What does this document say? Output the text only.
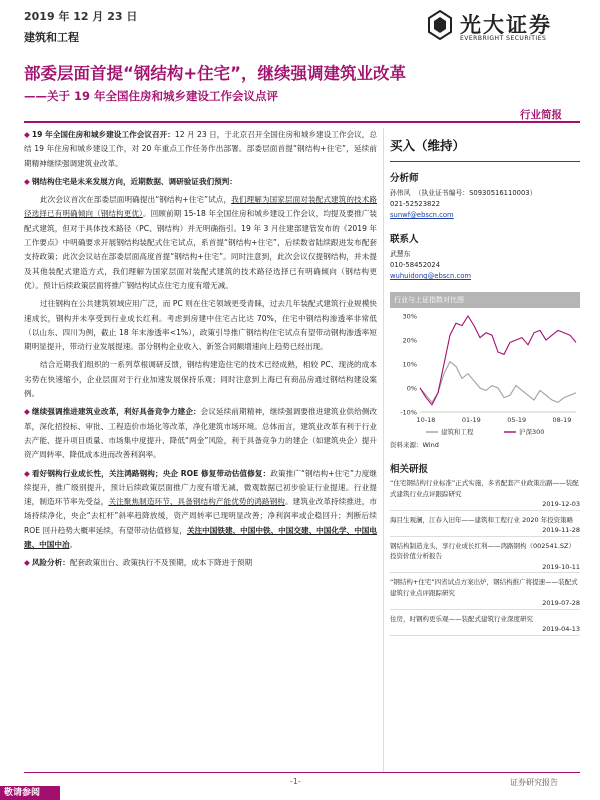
2019 年 12 月 23 日
建筑和工程
光大证券
EVERBRIGHT SECURITIES
部委层面首提“钢结构+住宅”，继续强调建筑业改革
——关于 19 年全国住房和城乡建设工作会议点评
行业简报

◆ 19 年全国住房和城乡建设工作会议召开：12 月 23 日，于北京召开全国住房和城乡建设工作会议，总结 19 年住房和城乡建设工作，对 20 年重点工作任务作出部署。部委层面首提“钢结构+住宅”，延续前期精神继续强调建筑业改革。

◆ 钢结构住宅是未来发展方向，近期数据、调研验证我们预判：

此次会议首次在部委层面明确提出“钢结构+住宅”试点，我们理解为国家层面对装配式建筑的技术路径选择已有明确倾向（钢结构更优）。回顾前期 15-18 年全国住房和城乡建设工作会议，均提及要推广装配式建筑，但对于具体技术路径（PC、钢结构）并无明确指引。19 年 3 月住建部建管发布的《2019 年工作要点》中明确要求开展钢结构装配式住宅试点，系首提“钢结构+住宅”，后续数省陆续跟进发布配套支持政策；此次会议站在部委层面高度首提“钢结构+住宅”。同时注意到，此次会议仅提钢结构，并未提及其他装配式建造方式，我们理解为国家层面对装配式建筑的技术路径选择已有明确倾向（钢结构更优）。预计后续政策层面将推广钢结构试点住宅力度有增无减。

过往钢构在公共建筑领域应用广泛，而 PC 则在住宅领域更受青睐，过去几年装配式建筑行业规模快速成长，钢构并未享受到行业成长红利。考虑到房建中住宅占比达 70%，住宅中钢结构渗透率非常低（以山东、四川为例，截止 18 年末渗透率<1%），政策引导推广钢结构住宅试点有望带动钢构渗透率短期明显提升，带动行业发展提速。部分钢构企业收入、新签合同额增速向上趋势已经出现。

结合近期我们组织的一系列草根调研反馈，钢结构建造住宅的技术已经成熟，相较 PC、现浇的成本劣势在快速缩小，企业层面对于行业加速发展保持乐观；同时注意到上海已有商品房通过钢结构建设案例。

◆ 继续强调推进建筑业改革，利好具备竞争力建企：会议延续前期精神，继续强调要推进建筑业供给侧改革，深化招投标、审批、工程造价市场化等改革，净化建筑市场环境。总体而言，建筑业改革有利于行业去产能、提升项目质量、市场集中度提升、降低“两金”风险，利于具备竞争力的建企（如建筑央企）提升资产周转率、降低成本进而改善利润率。

◆ 看好钢构行业成长性，关注鸿路钢构；央企 ROE 修复带动估值修复：政策推广“钢结构+住宅”力度继续提升，推广级别提升，预计后续政策层面推广力度有增无减，微观数据已初步验证行业提速。行业提速，制造环节率先受益，关注聚焦制造环节、具备钢结构产能优势的鸿路钢构。建筑业改革持续推进，市场持续净化，央企“去杠杆”斜率趋降放缓，资产周转率已现明显改善；净利润率或企稳回升；判断后续 ROE 回升趋势大概率延续，有望带动估值修复，关注中国铁建、中国中铁、中国交建、中国化学、中国电建、中国中冶。

◆ 风险分析：配套政策出台、政策执行不及预期，成本下降进于预期

买入（维持）
分析师
孙伟风 （执业证书编号：S0930516110003）
021-52523822
sunwf@ebscn.com
联系人
武慧东
010-58452024
wuhuidong@ebscn.com
行业与上证指数对比图
30%
20%
10%
0%
-10%
10-18	01-19	05-19	08-19
建筑和工程	沪深300
资料来源：Wind
相关研报
“住宅钢结构行业标准”正式实施，多省配套产业政策出路——装配式建筑行业点评跟踪研究
2019-12-03
海目生观澜，江春入旧年——建筑和工程行业 2020 年投资策略
2019-11-28
钢结构制造龙头，享行业成长红利——鸿路钢构（002541.SZ）投资价值分析报告
2019-10-11
“钢结构+住宅”四省试点方案出炉，钢结构推广将提速——装配式建筑行业点评跟踪研究
2019-07-28
住房，时钢构更乐观——装配式建筑行业深度研究
2019-04-13
-1-	证券研究报告
敬请参阅
